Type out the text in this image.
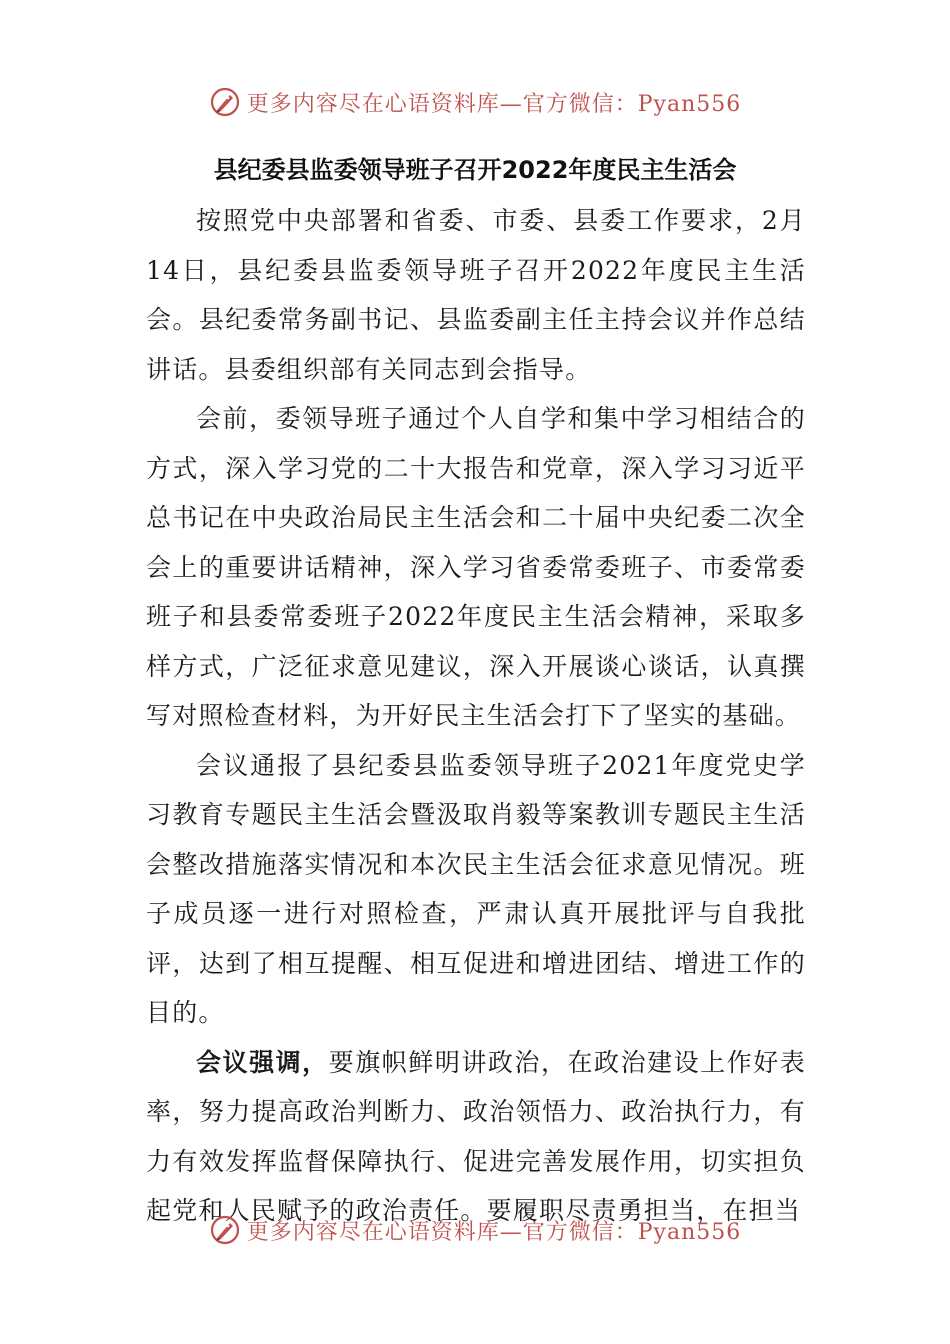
更多内容尽在心语资料库—官方微信：Pyan556
县纪委县监委领导班子召开2022年度民主生活会

按照党中央部署和省委、市委、县委工作要求，2月14日，县纪委县监委领导班子召开2022年度民主生活会。县纪委常务副书记、县监委副主任主持会议并作总结讲话。县委组织部有关同志到会指导。

会前，委领导班子通过个人自学和集中学习相结合的方式，深入学习党的二十大报告和党章，深入学习习近平总书记在中央政治局民主生活会和二十届中央纪委二次全会上的重要讲话精神，深入学习省委常委班子、市委常委班子和县委常委班子2022年度民主生活会精神，采取多样方式，广泛征求意见建议，深入开展谈心谈话，认真撰写对照检查材料，为开好民主生活会打下了坚实的基础。

会议通报了县纪委县监委领导班子2021年度党史学习教育专题民主生活会暨汲取肖毅等案教训专题民主生活会整改措施落实情况和本次民主生活会征求意见情况。班子成员逐一进行对照检查，严肃认真开展批评与自我批评，达到了相互提醒、相互促进和增进团结、增进工作的目的。

会议强调，要旗帜鲜明讲政治，在政治建设上作好表率，努力提高政治判断力、政治领悟力、政治执行力，有力有效发挥监督保障执行、促进完善发展作用，切实担负起党和人民赋予的政治责任。要履职尽责勇担当，在担当

更多内容尽在心语资料库—官方微信：Pyan556
